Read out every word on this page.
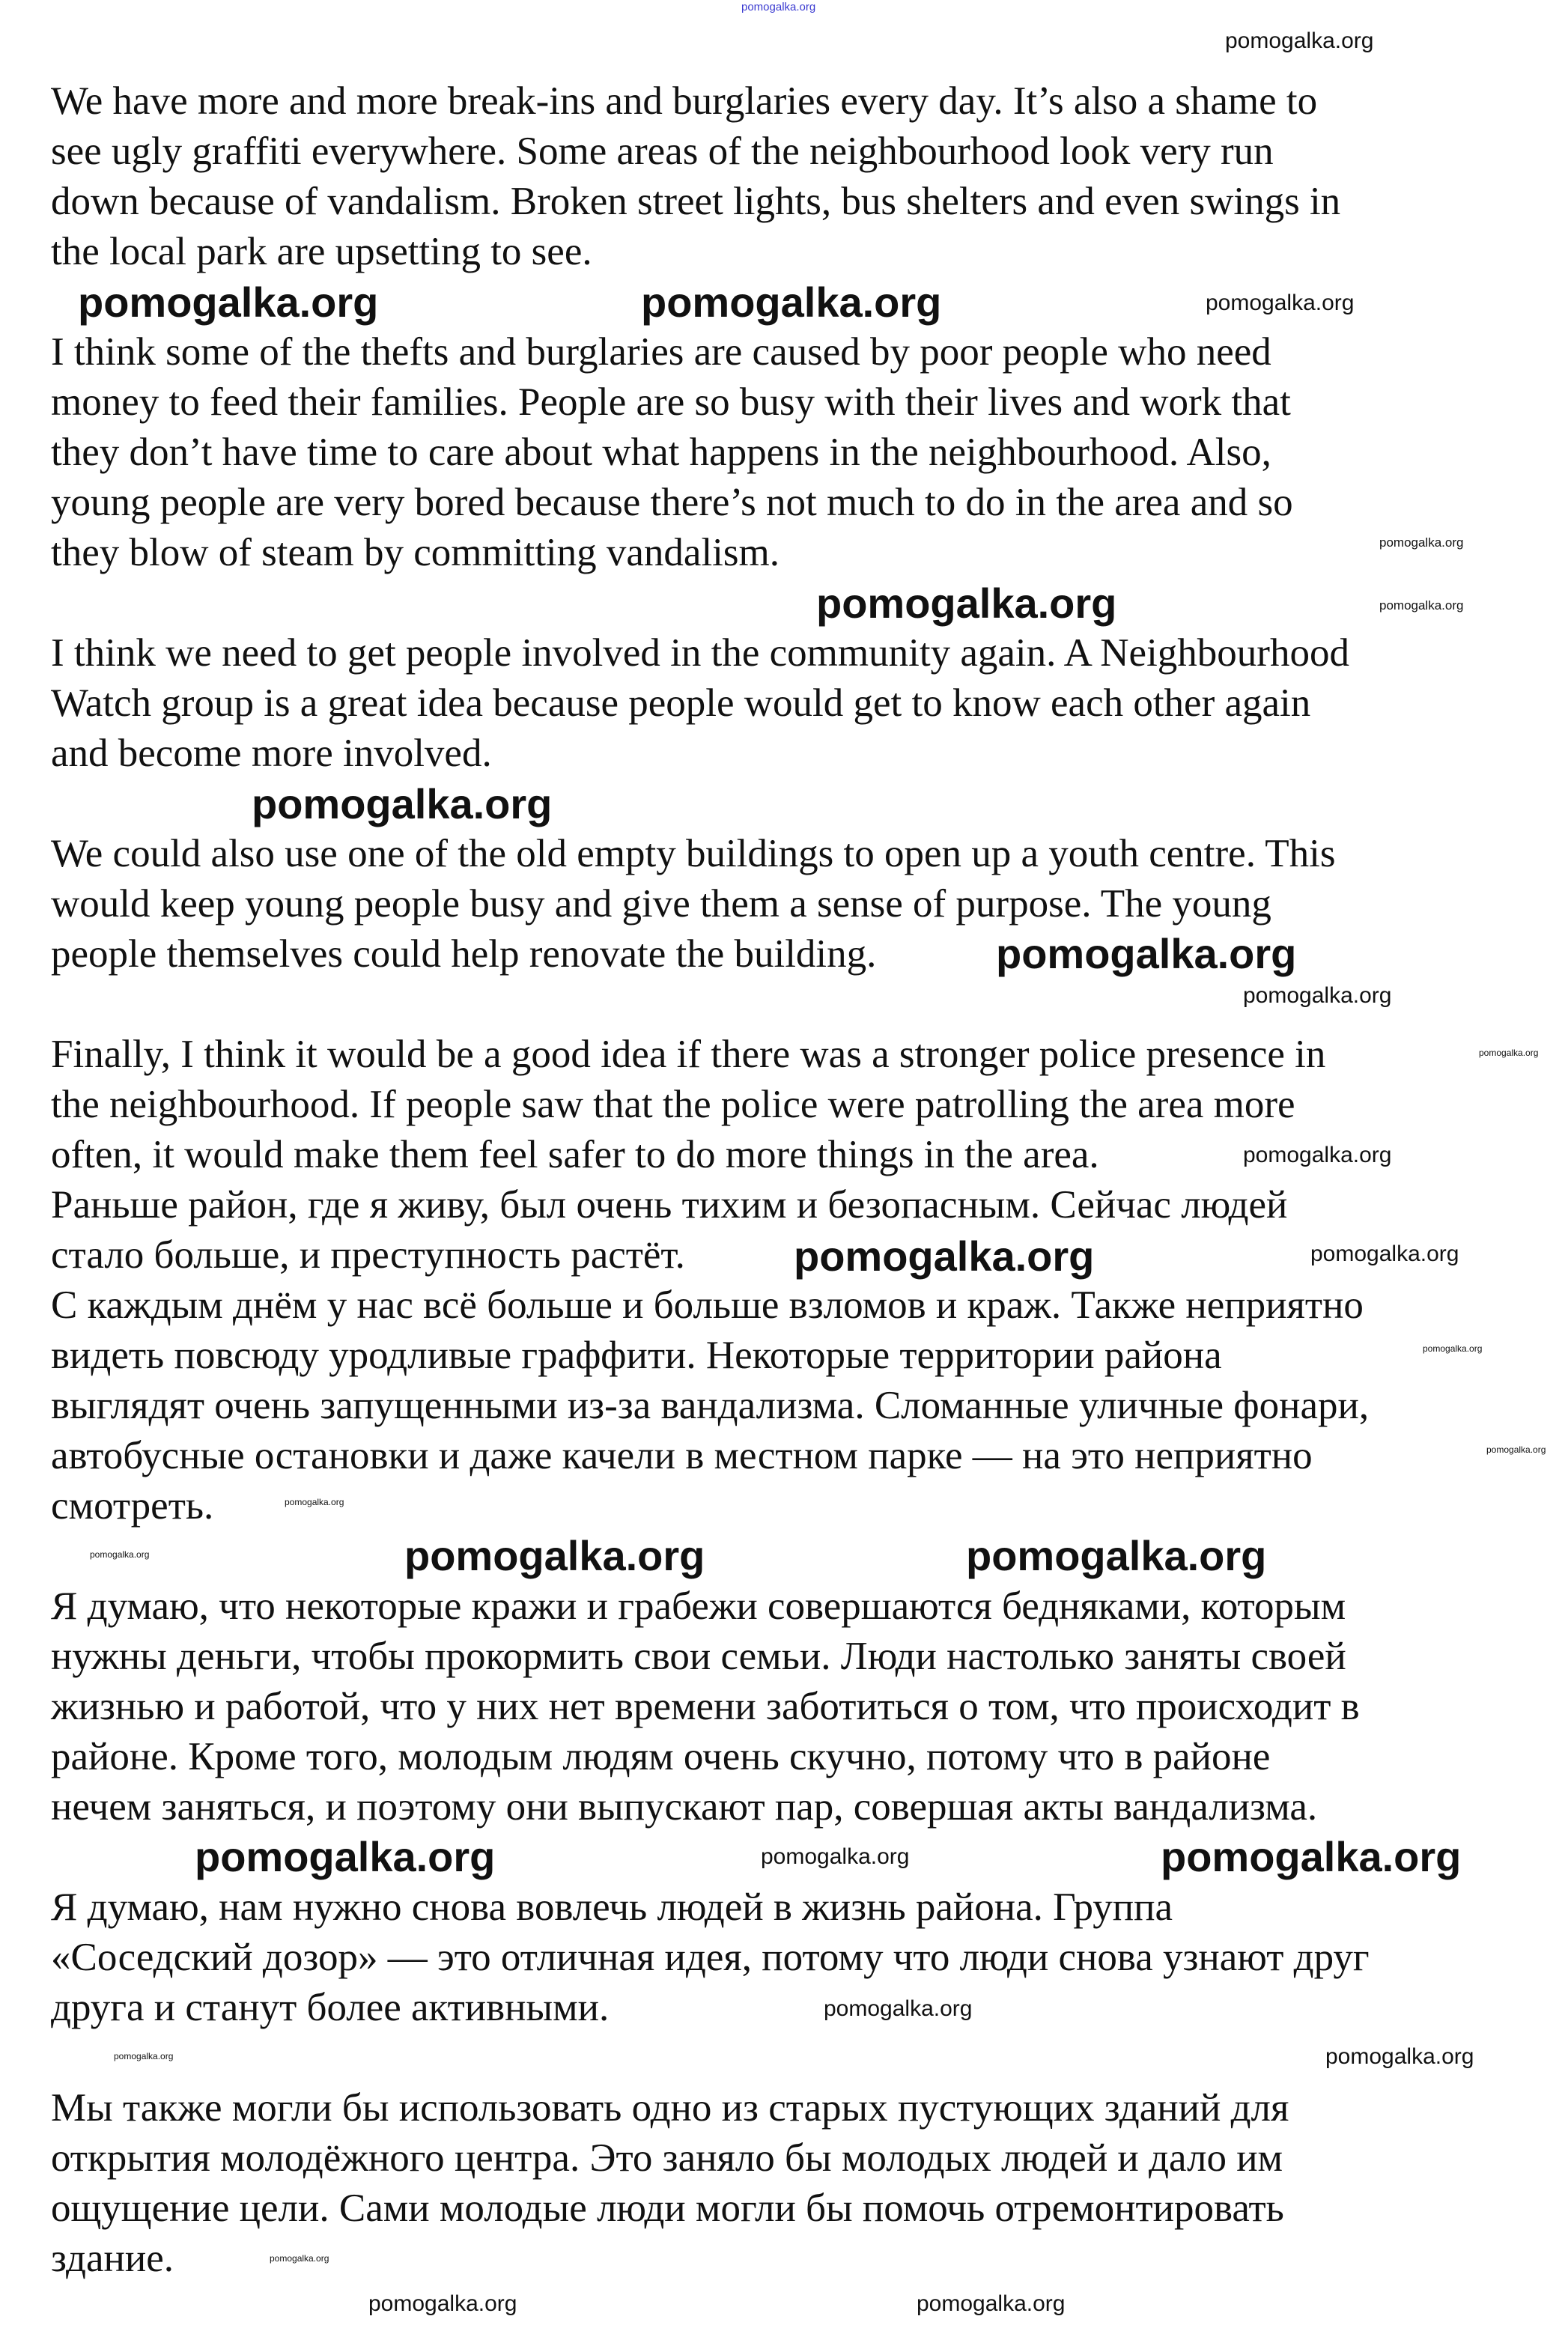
We have more and more break-ins and burglaries every day. It’s also a shame to
see ugly graffiti everywhere. Some areas of the neighbourhood look very run
down because of vandalism. Broken street lights, bus shelters and even swings in
the local park are upsetting to see.
I think some of the thefts and burglaries are caused by poor people who need
money to feed their families. People are so busy with their lives and work that
they don’t have time to care about what happens in the neighbourhood. Also,
young people are very bored because there’s not much to do in the area and so
they blow of steam by committing vandalism.
I think we need to get people involved in the community again. A Neighbourhood
Watch group is a great idea because people would get to know each other again
and become more involved.
We could also use one of the old empty buildings to open up a youth centre. This
would keep young people busy and give them a sense of purpose. The young
people themselves could help renovate the building.
Finally, I think it would be a good idea if there was a stronger police presence in
the neighbourhood. If people saw that the police were patrolling the area more
often, it would make them feel safer to do more things in the area.
Раньше район, где я живу, был очень тихим и безопасным. Сейчас людей
стало больше, и преступность растёт.
С каждым днём у нас всё больше и больше взломов и краж. Также неприятно
видеть повсюду уродливые граффити. Некоторые территории района
выглядят очень запущенными из-за вандализма. Сломанные уличные фонари,
автобусные остановки и даже качели в местном парке — на это неприятно
смотреть.
Я думаю, что некоторые кражи и грабежи совершаются бедняками, которым
нужны деньги, чтобы прокормить свои семьи. Люди настолько заняты своей
жизнью и работой, что у них нет времени заботиться о том, что происходит в
районе. Кроме того, молодым людям очень скучно, потому что в районе
нечем заняться, и поэтому они выпускают пар, совершая акты вандализма.
Я думаю, нам нужно снова вовлечь людей в жизнь района. Группа
«Соседский дозор» — это отличная идея, потому что люди снова узнают друг
друга и станут более активными.
Мы также могли бы использовать одно из старых пустующих зданий для
открытия молодёжного центра. Это заняло бы молодых людей и дало им
ощущение цели. Сами молодые люди могли бы помочь отремонтировать
здание.
pomogalka.org
pomogalka.org
pomogalka.org	pomogalka.org	pomogalka.org
pomogalka.org
pomogalka.org	pomogalka.org
pomogalka.org
pomogalka.org
pomogalka.org
pomogalka.org
pomogalka.org
pomogalka.org	pomogalka.org
pomogalka.org
pomogalka.org
pomogalka.org
pomogalka.org	pomogalka.org
pomogalka.org
pomogalka.org	pomogalka.org	pomogalka.org
pomogalka.org
pomogalka.org	pomogalka.org
pomogalka.org
pomogalka.org	pomogalka.org
